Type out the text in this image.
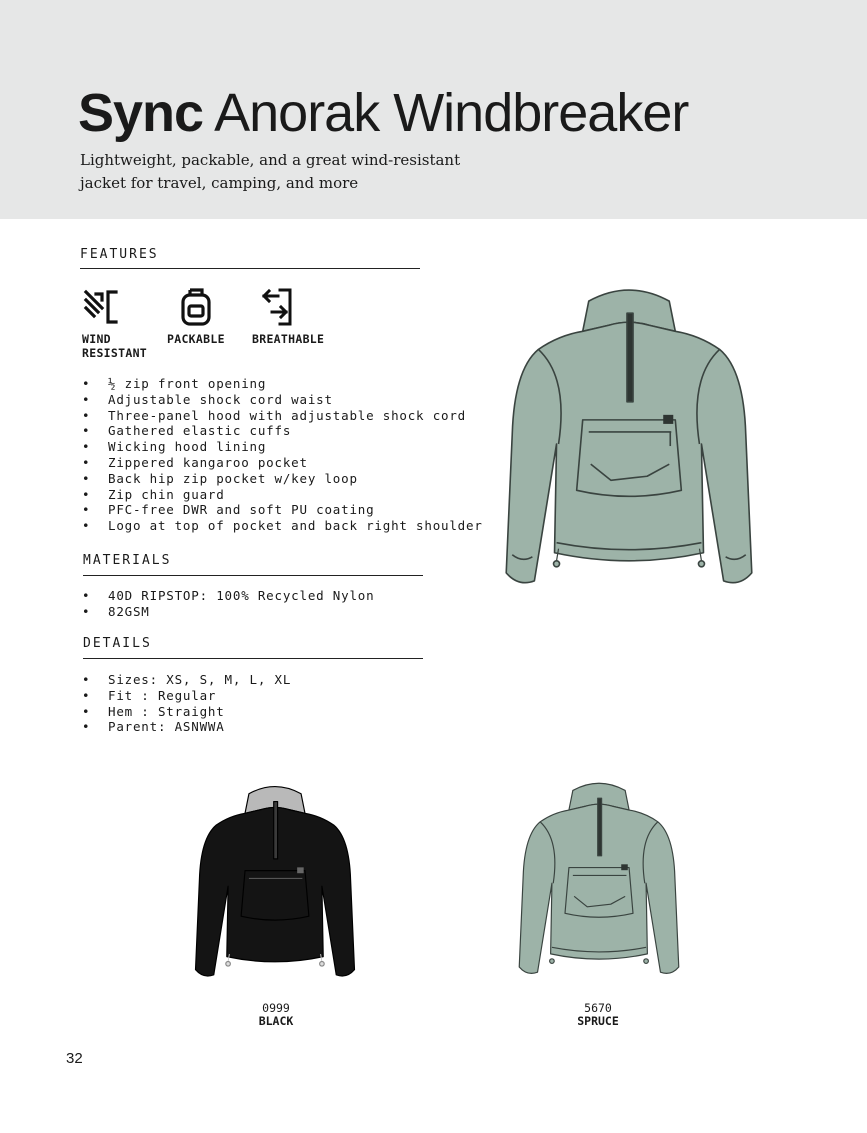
Sync Anorak Windbreaker
Lightweight, packable, and a great wind-resistant
jacket for travel, camping, and more
FEATURES
WIND
RESISTANT
PACKABLE BREATHABLE
• ½ zip front opening
• Adjustable shock cord waist
• Three-panel hood with adjustable shock cord
• Gathered elastic cuffs
• Wicking hood lining
• Zippered kangaroo pocket
• Back hip zip pocket w/key loop
• Zip chin guard
• PFC-free DWR and soft PU coating
• Logo at top of pocket and back right shoulder
MATERIALS
• 40D RIPSTOP: 100% Recycled Nylon
• 82GSM
DETAILS
• Sizes: XS, S, M, L, XL
• Fit : Regular
• Hem : Straight
• Parent: ASNWWA
0999
BLACK
5670
SPRUCE
32
